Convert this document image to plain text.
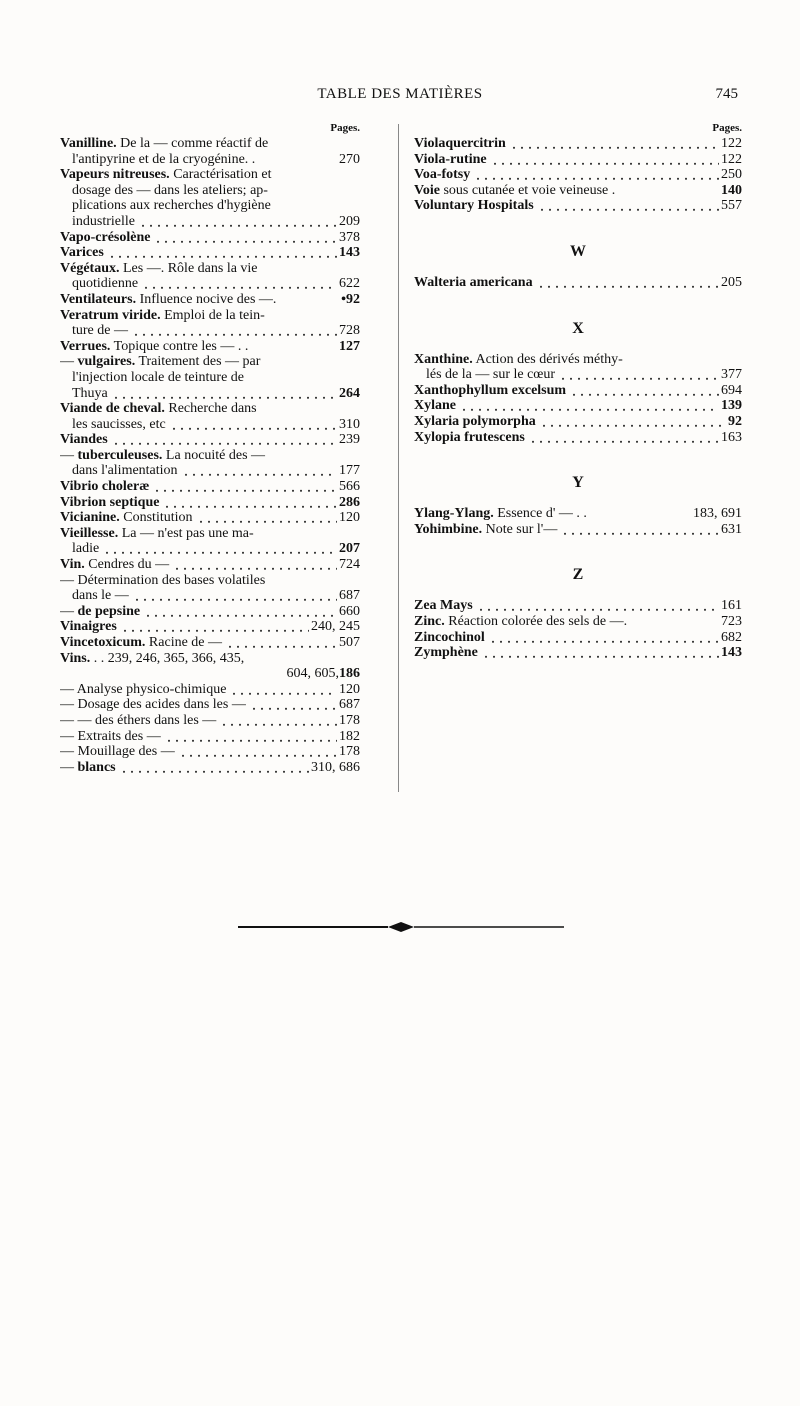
TABLE DES MATIÈRES	745
Pages.
Vanilline. De la — comme réactif de
l'antipyrine et de la cryogénine. .	270
Vapeurs nitreuses. Caractérisation et
dosage des — dans les ateliers; ap-
plications aux recherches d'hygiène
industrielle	209
Vapo-crésolène	378
Varices	143
Végétaux. Les —. Rôle dans la vie
quotidienne	622
Ventilateurs. Influence nocive des —.	•92
Veratrum viride. Emploi de la tein-
ture de —	728
Verrues. Topique contre les — . .	127
— vulgaires. Traitement des — par
l'injection locale de teinture de
Thuya	264
Viande de cheval. Recherche dans
les saucisses, etc	310
Viandes	239
— tuberculeuses. La nocuité des —
dans l'alimentation	177
Vibrio choleræ	566
Vibrion septique	286
Vicianine. Constitution	120
Vieillesse. La — n'est pas une ma-
ladie	207
Vin. Cendres du —	724
— Détermination des bases volatiles
dans le —	687
— de pepsine	660
Vinaigres	240, 245
Vincetoxicum. Racine de —	507
Vins. . . 239, 246, 365, 366, 435,
604, 605, 186
— Analyse physico-chimique	120
— Dosage des acides dans les —	687
— — des éthers dans les —	178
— Extraits des —	182
— Mouillage des —	178
— blancs	310, 686
Pages.
Violaquercitrin	122
Viola-rutine	122
Voa-fotsy	250
Voie sous cutanée et voie veineuse .	140
Voluntary Hospitals	557
W
Walteria americana	205
X
Xanthine. Action des dérivés méthy-
lés de la — sur le cœur	377
Xanthophyllum excelsum	694
Xylane	139
Xylaria polymorpha	92
Xylopia frutescens	163
Y
Ylang-Ylang. Essence d' — . .	183, 691
Yohimbine. Note sur l'—	631
Z
Zea Mays	161
Zinc. Réaction colorée des sels de —.	723
Zincochinol	682
Zymphène	143
